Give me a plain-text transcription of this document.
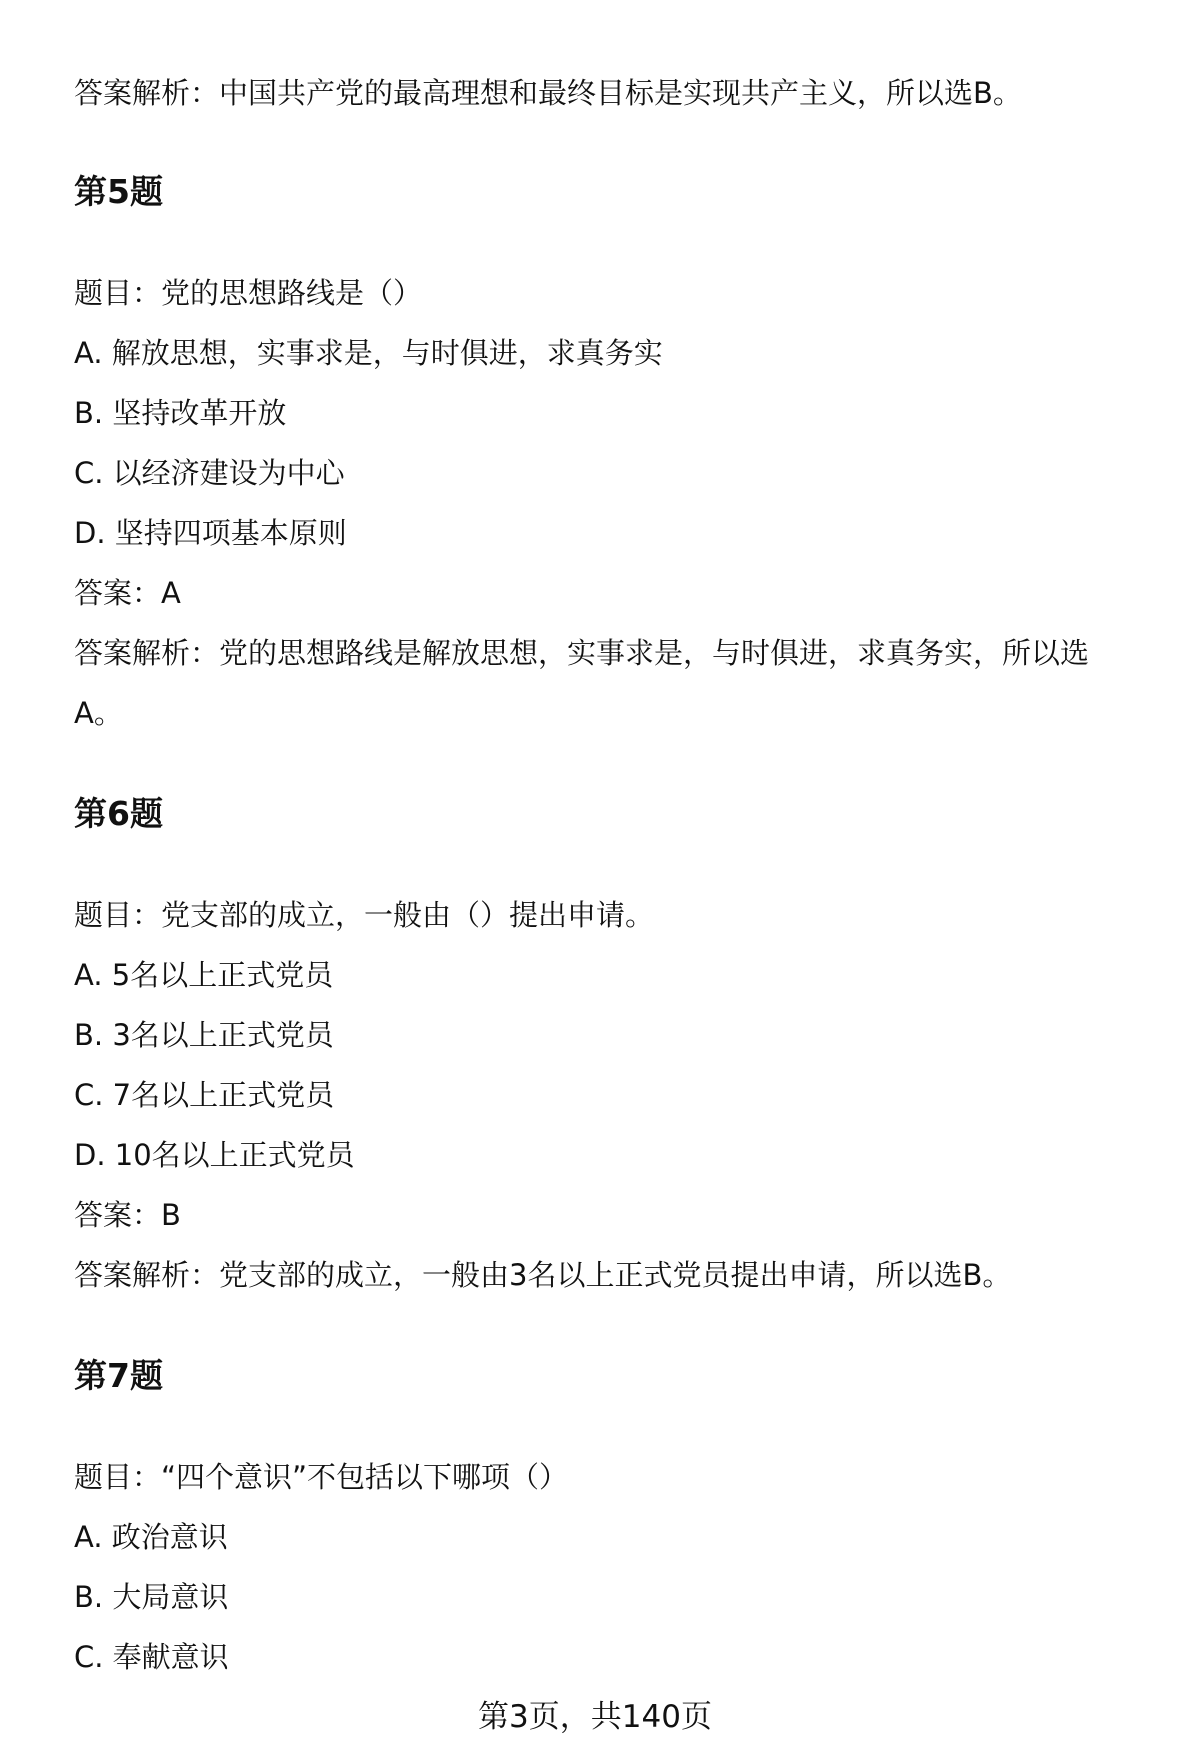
答案解析：中国共产党的最高理想和最终目标是实现共产主义，所以选B。
第5题
题目：党的思想路线是（）
A. 解放思想，实事求是，与时俱进，求真务实
B. 坚持改革开放
C. 以经济建设为中心
D. 坚持四项基本原则
答案：A
答案解析：党的思想路线是解放思想，实事求是，与时俱进，求真务实，所以选
A。
第6题
题目：党支部的成立，一般由（）提出申请。
A. 5名以上正式党员
B. 3名以上正式党员
C. 7名以上正式党员
D. 10名以上正式党员
答案：B
答案解析：党支部的成立，一般由3名以上正式党员提出申请，所以选B。
第7题
题目：“四个意识”不包括以下哪项（）
A. 政治意识
B. 大局意识
C. 奉献意识
第3页，共140页
